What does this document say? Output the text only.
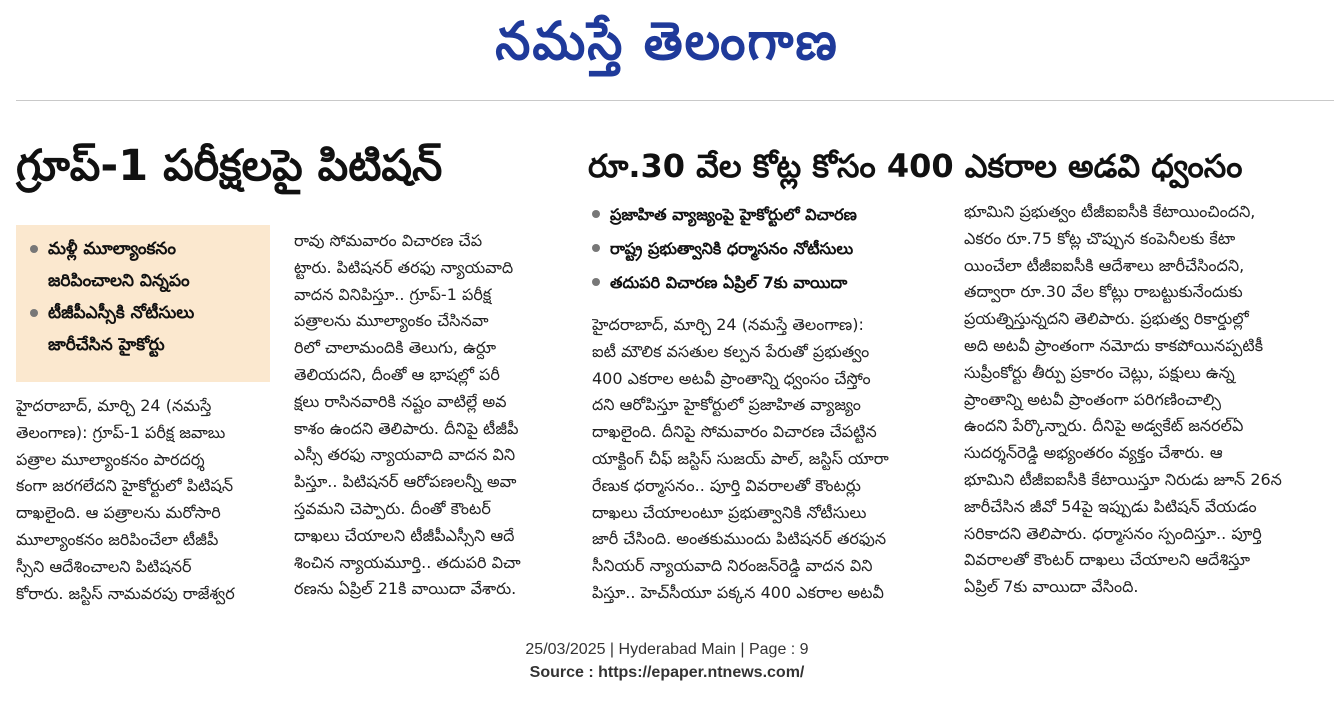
నమస్తే తెలంగాణ
గ్రూప్-1 పరీక్షలపై పిటిషన్	రూ.30 వేల కోట్ల కోసం 400 ఎకరాల అడవి ధ్వంసం
మళ్లీ మూల్యాంకనం
జరిపించాలని విన్నపం
టీజీపీఎస్సీకి నోటీసులు
జారీచేసిన హైకోర్టు
ప్రజాహిత వ్యాజ్యంపై హైకోర్టులో విచారణ
రాష్ట్ర ప్రభుత్వానికి ధర్మాసనం నోటీసులు
తదుపరి విచారణ ఏప్రిల్ 7కు వాయిదా

హైదరాబాద్, మార్చి 24 (నమస్తే

తెలంగాణ): గ్రూప్-1 పరీక్ష జవాబు

పత్రాల మూల్యాంకనం పారదర్శ

కంగా జరగలేదని హైకోర్టులో పిటిషన్

దాఖలైంది. ఆ పత్రాలను మరోసారి

మూల్యాంకనం జరిపించేలా టీజీపీ

స్సీని ఆదేశించాలని పిటిషనర్

కోరారు. జస్టిస్ నామవరపు రాజేశ్వర

రావు సోమవారం విచారణ చేప

ట్టారు. పిటిషనర్ తరఫు న్యాయవాది

వాదన వినిపిస్తూ.. గ్రూప్-1 పరీక్ష

పత్రాలను మూల్యాంకం చేసినవా

రిలో చాలామందికి తెలుగు, ఉర్దూ

తెలియదని, దీంతో ఆ భాషల్లో పరీ

క్షలు రాసినవారికి నష్టం వాటిల్లే అవ

కాశం ఉందని తెలిపారు. దీనిపై టీజీపీ

ఎస్సీ తరఫు న్యాయవాది వాదన విని

పిస్తూ.. పిటిషనర్ ఆరోపణలన్నీ అవా

స్తవమని చెప్పారు. దీంతో కౌంటర్

దాఖలు చేయాలని టీజీపీఎస్సీని ఆదే

శించిన న్యాయమూర్తి.. తదుపరి విచా

రణను ఏప్రిల్ 21కి వాయిదా వేశారు.

హైదరాబాద్, మార్చి 24 (నమస్తే తెలంగాణ):

ఐటీ మౌలిక వసతుల కల్పన పేరుతో ప్రభుత్వం

400 ఎకరాల అటవీ ప్రాంతాన్ని ధ్వంసం చేస్తోం

దని ఆరోపిస్తూ హైకోర్టులో ప్రజాహిత వ్యాజ్యం

దాఖలైంది. దీనిపై సోమవారం విచారణ చేపట్టిన

యాక్టింగ్ చీఫ్ జస్టిస్ సుజయ్ పాల్, జస్టిస్ యారా

రేణుక ధర్మాసనం.. పూర్తి వివరాలతో కౌంటర్లు

దాఖలు చేయాలంటూ ప్రభుత్వానికి నోటీసులు

జారీ చేసింది. అంతకుముందు పిటిషనర్ తరఫున

సీనియర్ న్యాయవాది నిరంజన్‌రెడ్డి వాదన విని

పిస్తూ.. హెచ్‌సీయూ పక్కన 400 ఎకరాల అటవీ

భూమిని ప్రభుత్వం టీజీఐఐసీకి కేటాయించిందని,

ఎకరం రూ.75 కోట్ల చొప్పున కంపెనీలకు కేటా

యించేలా టీజీఐఐసీకి ఆదేశాలు జారీచేసిందని,

తద్వారా రూ.30 వేల కోట్లు రాబట్టుకునేందుకు

ప్రయత్నిస్తున్నదని తెలిపారు. ప్రభుత్వ రికార్డుల్లో

అది అటవీ ప్రాంతంగా నమోదు కాకపోయినప్పటికీ

సుప్రీంకోర్టు తీర్పు ప్రకారం చెట్లు, పక్షులు ఉన్న

ప్రాంతాన్ని అటవీ ప్రాంతంగా పరిగణించాల్సి

ఉందని పేర్కొన్నారు. దీనిపై అడ్వకేట్ జనరల్‌ఏ

సుదర్శన్‌రెడ్డి అభ్యంతరం వ్యక్తం చేశారు. ఆ

భూమిని టీజీఐఐసీకి కేటాయిస్తూ నిరుడు జూన్ 26న

జారీచేసిన జీవో 54పై ఇప్పుడు పిటిషన్ వేయడం

సరికాదని తెలిపారు. ధర్మాసనం స్పందిస్తూ.. పూర్తి

వివరాలతో కౌంటర్ దాఖలు చేయాలని ఆదేశిస్తూ

ఏప్రిల్ 7కు వాయిదా వేసింది.

25/03/2025 | Hyderabad Main | Page : 9
Source : https://epaper.ntnews.com/
